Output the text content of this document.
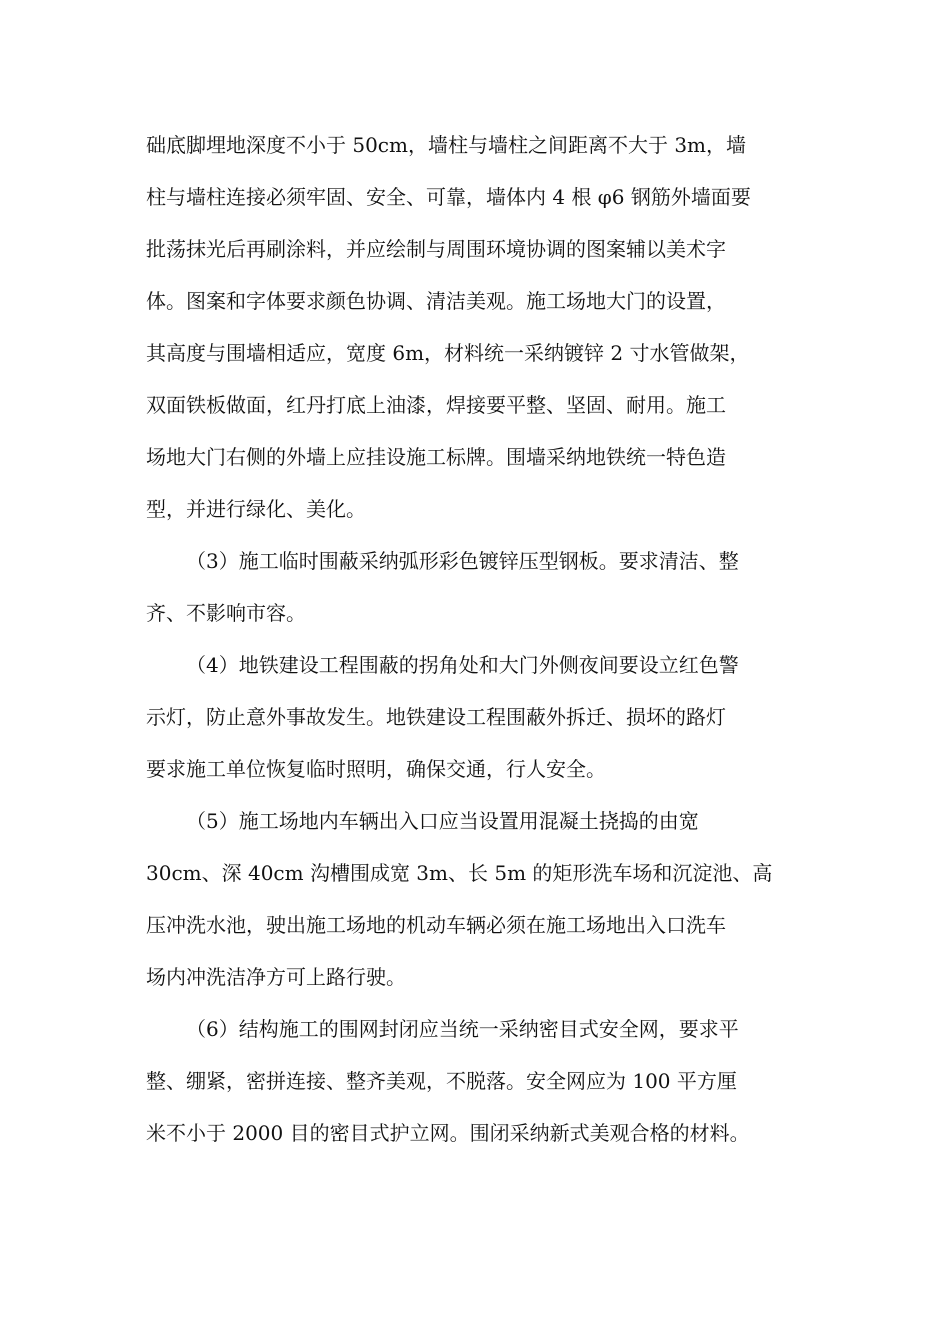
础底脚埋地深度不小于 50cm，墙柱与墙柱之间距离不大于 3m，墙
柱与墙柱连接必须牢固、安全、可靠，墙体内 4 根 φ6 钢筋外墙面要
批荡抹光后再刷涂料，并应绘制与周围环境协调的图案辅以美术字
体。图案和字体要求颜色协调、清洁美观。施工场地大门的设置，
其高度与围墙相适应，宽度 6m，材料统一采纳镀锌 2 寸水管做架，
双面铁板做面，红丹打底上油漆，焊接要平整、坚固、耐用。施工
场地大门右侧的外墙上应挂设施工标牌。围墙采纳地铁统一特色造
型，并进行绿化、美化。
（3）施工临时围蔽采纳弧形彩色镀锌压型钢板。要求清洁、整
齐、不影响市容。
（4）地铁建设工程围蔽的拐角处和大门外侧夜间要设立红色警
示灯，防止意外事故发生。地铁建设工程围蔽外拆迁、损坏的路灯
要求施工单位恢复临时照明，确保交通，行人安全。
（5）施工场地内车辆出入口应当设置用混凝土挠捣的由宽
30cm、深 40cm 沟槽围成宽 3m、长 5m 的矩形洗车场和沉淀池、高
压冲洗水池，驶出施工场地的机动车辆必须在施工场地出入口洗车
场内冲洗洁净方可上路行驶。
（6）结构施工的围网封闭应当统一采纳密目式安全网，要求平
整、绷紧，密拼连接、整齐美观，不脱落。安全网应为 100 平方厘
米不小于 2000 目的密目式护立网。围闭采纳新式美观合格的材料。
